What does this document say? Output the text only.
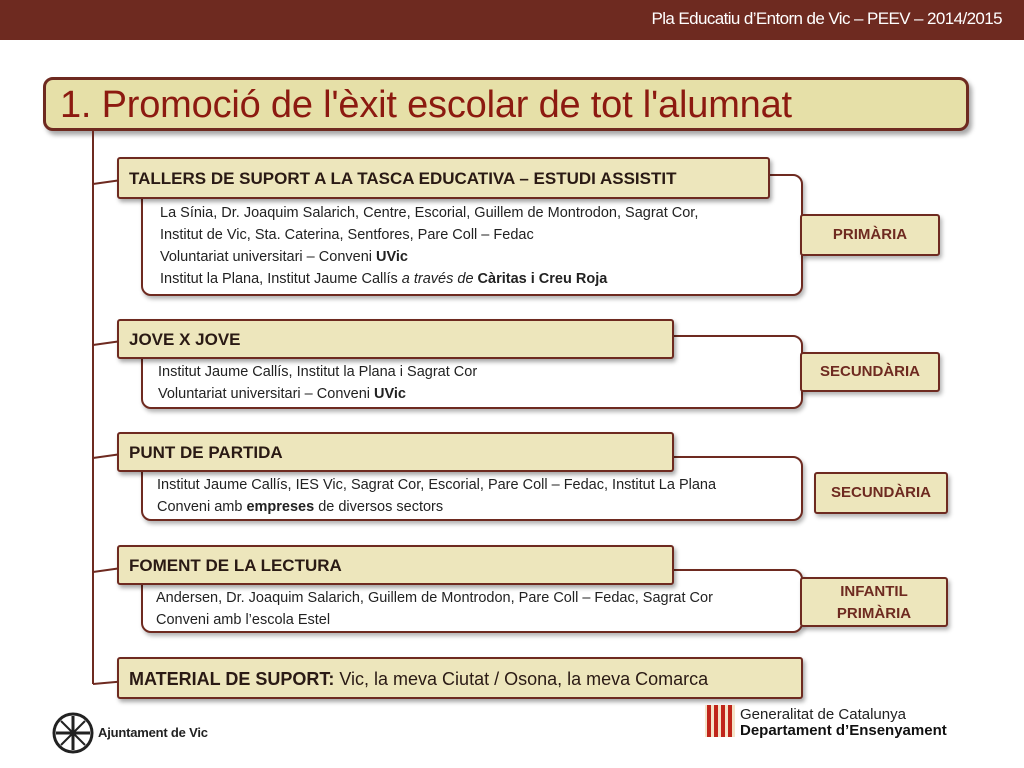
Pla Educatiu d’Entorn de Vic – PEEV – 2014/2015
1. Promoció de l'èxit escolar de tot l'alumnat
PRIMÀRIA
TALLERS DE SUPORT A LA TASCA EDUCATIVA – ESTUDI ASSISTIT
La Sínia, Dr. Joaquim Salarich, Centre, Escorial, Guillem de Montrodon, Sagrat Cor,
Institut de Vic, Sta. Caterina, Sentfores, Pare Coll – Fedac
Voluntariat universitari – Conveni UVic
Institut la Plana, Institut Jaume Callís a través de Càritas i Creu Roja
SECUNDÀRIA
JOVE X JOVE
Institut Jaume Callís, Institut la Plana i Sagrat Cor
Voluntariat universitari – Conveni UVic
SECUNDÀRIA
PUNT DE PARTIDA
Institut Jaume Callís, IES Vic, Sagrat Cor, Escorial, Pare Coll – Fedac, Institut La Plana
Conveni amb empreses de diversos sectors
INFANTIL
PRIMÀRIA
FOMENT DE LA LECTURA
Andersen, Dr. Joaquim Salarich, Guillem de Montrodon, Pare Coll – Fedac, Sagrat Cor
Conveni amb l’escola Estel
MATERIAL DE SUPORT: Vic, la meva Ciutat / Osona, la meva Comarca
Ajuntament de Vic
Generalitat de Catalunya
Departament d’Ensenyament
